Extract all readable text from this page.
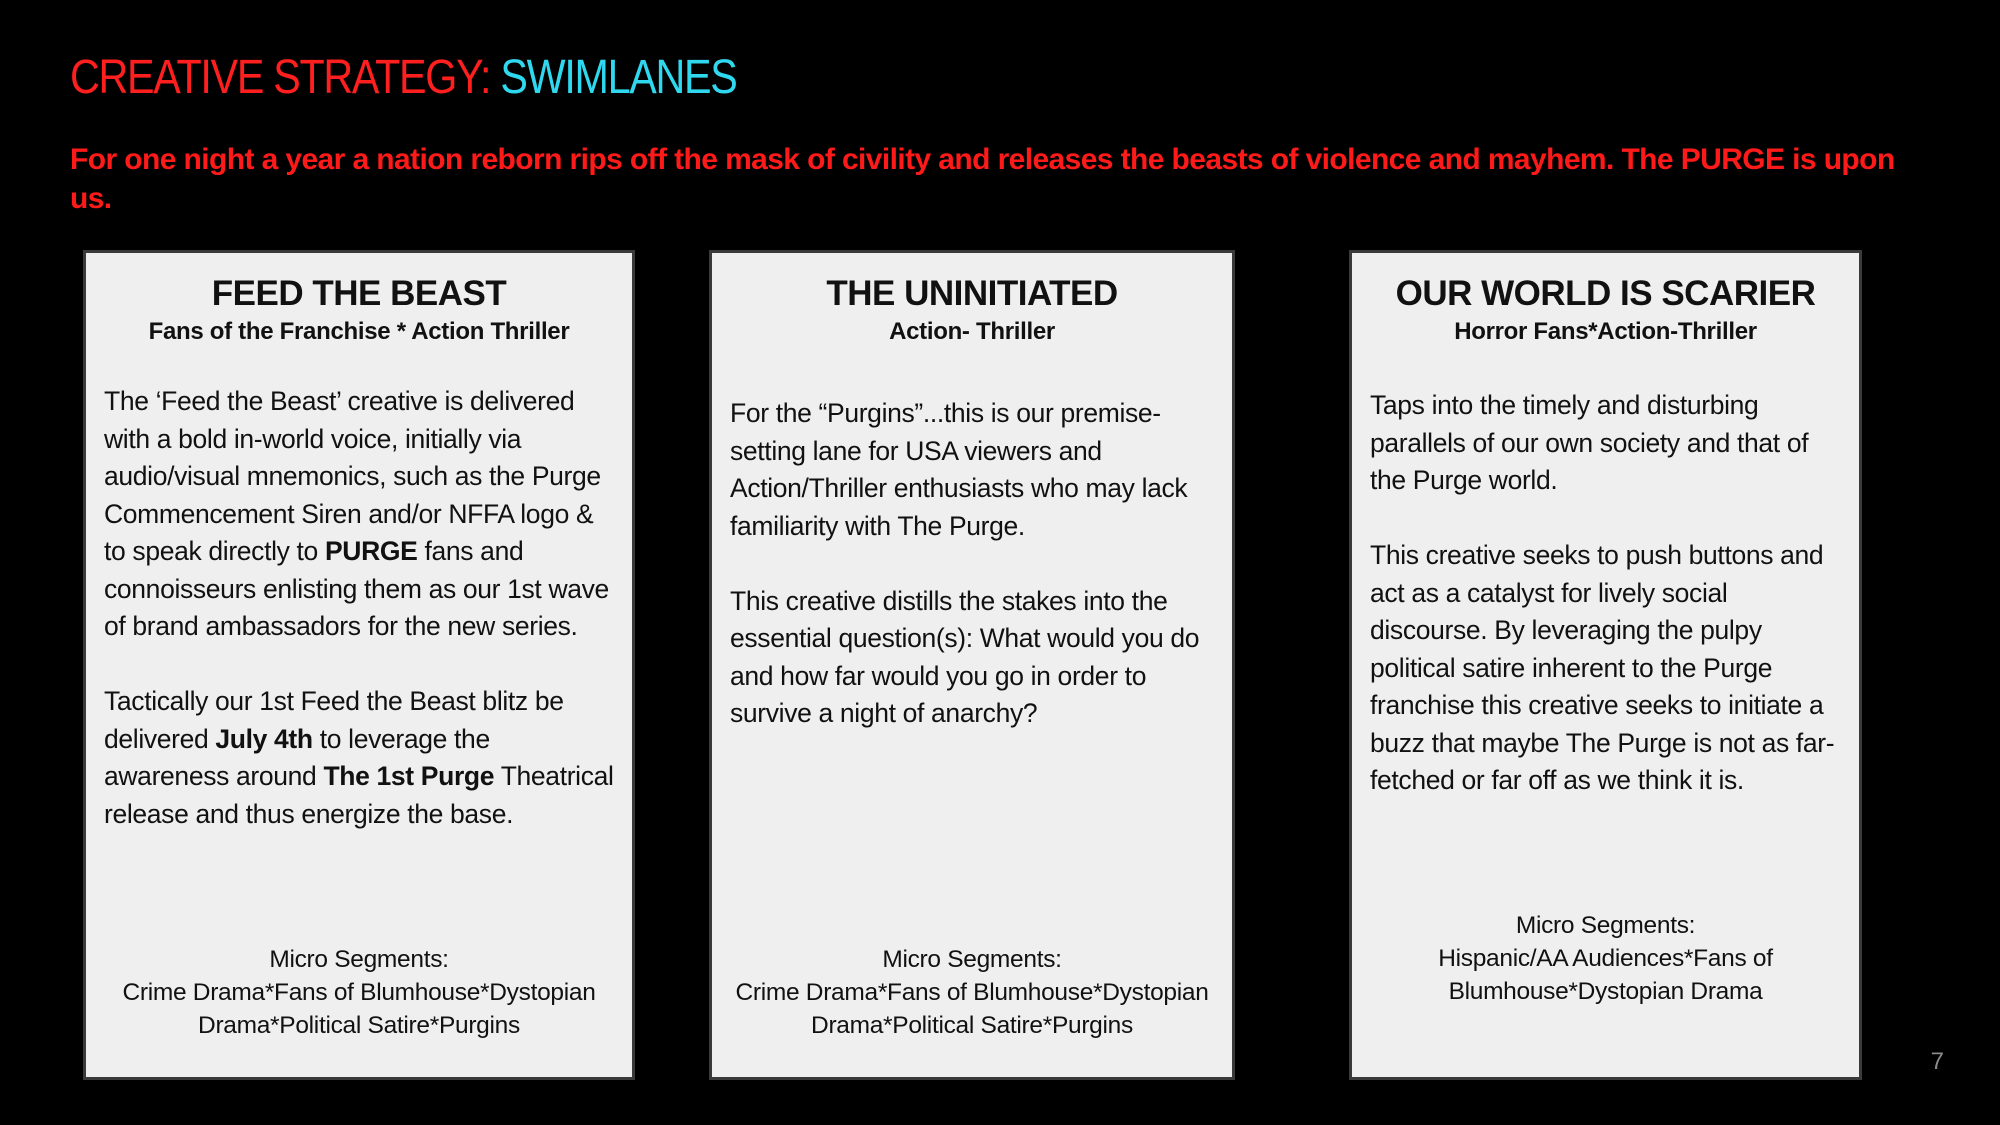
CREATIVE STRATEGY: SWIMLANES
For one night a year a nation reborn rips off the mask of civility and releases the beasts of violence and mayhem. The PURGE is upon us.
FEED THE BEAST
Fans of the Franchise * Action Thriller

The ‘Feed the Beast’ creative is delivered with a bold in-world voice, initially via audio/visual mnemonics, such as the Purge Commencement Siren and/or NFFA logo & to speak directly to PURGE fans and connoisseurs enlisting them as our 1st wave of brand ambassadors for the new series.

Tactically our 1st Feed the Beast blitz be delivered July 4th to leverage the awareness around The 1st Purge Theatrical release and thus energize the base.

Micro Segments:
Crime Drama*Fans of Blumhouse*Dystopian
Drama*Political Satire*Purgins
THE UNINITIATED
Action- Thriller

For the “Purgins”...this is our premise-setting lane for USA viewers and Action/Thriller enthusiasts who may lack familiarity with The Purge.

This creative distills the stakes into the essential question(s): What would you do and how far would you go in order to survive a night of anarchy?

Micro Segments:
Crime Drama*Fans of Blumhouse*Dystopian
Drama*Political Satire*Purgins
OUR WORLD IS SCARIER
Horror Fans*Action-Thriller

Taps into the timely and disturbing parallels of our own society and that of the Purge world.

This creative seeks to push buttons and act as a catalyst for lively social discourse. By leveraging the pulpy political satire inherent to the Purge franchise this creative seeks to initiate a buzz that maybe The Purge is not as far-fetched or far off as we think it is.

Micro Segments:
Hispanic/AA Audiences*Fans of
Blumhouse*Dystopian Drama
7
